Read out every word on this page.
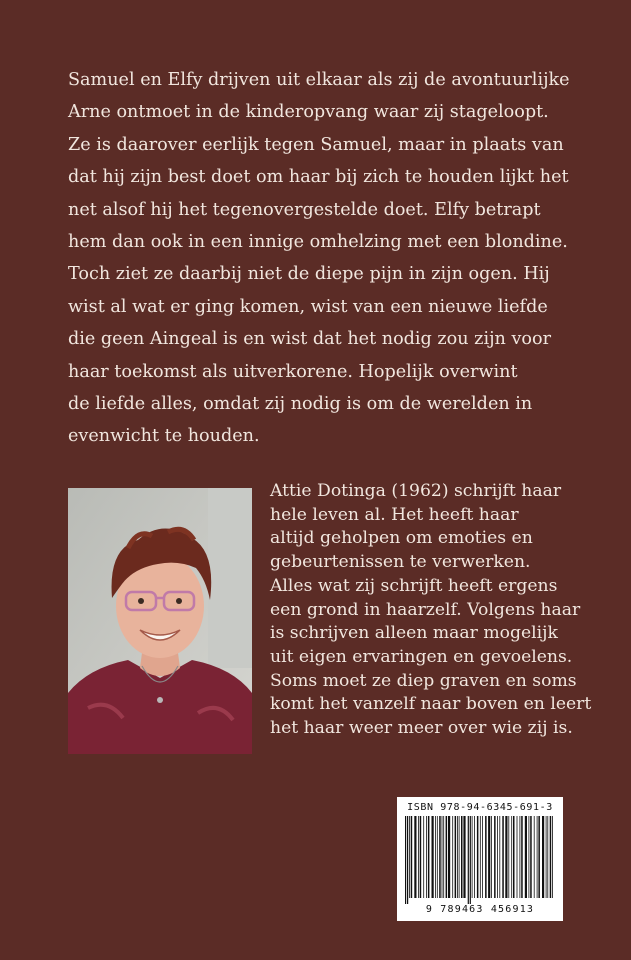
Samuel en Elfy drijven uit elkaar als zij de avontuurlijke
Arne ontmoet in de kinderopvang waar zij stageloopt.
Ze is daarover eerlijk tegen Samuel, maar in plaats van
dat hij zijn best doet om haar bij zich te houden lijkt het
net alsof hij het tegenovergestelde doet. Elfy betrapt
hem dan ook in een innige omhelzing met een blondine.
Toch ziet ze daarbij niet de diepe pijn in zijn ogen. Hij
wist al wat er ging komen, wist van een nieuwe liefde
die geen Aingeal is en wist dat het nodig zou zijn voor
haar toekomst als uitverkorene. Hopelijk overwint
de liefde alles, omdat zij nodig is om de werelden in
evenwicht te houden.
Attie Dotinga (1962) schrijft haar
hele leven al. Het heeft haar
altijd geholpen om emoties en
gebeurtenissen te verwerken.
Alles wat zij schrijft heeft ergens
een grond in haarzelf. Volgens haar
is schrijven alleen maar mogelijk
uit eigen ervaringen en gevoelens.
Soms moet ze diep graven en soms
komt het vanzelf naar boven en leert
het haar weer meer over wie zij is.
ISBN 978-94-6345-691-3
9 789463 456913
